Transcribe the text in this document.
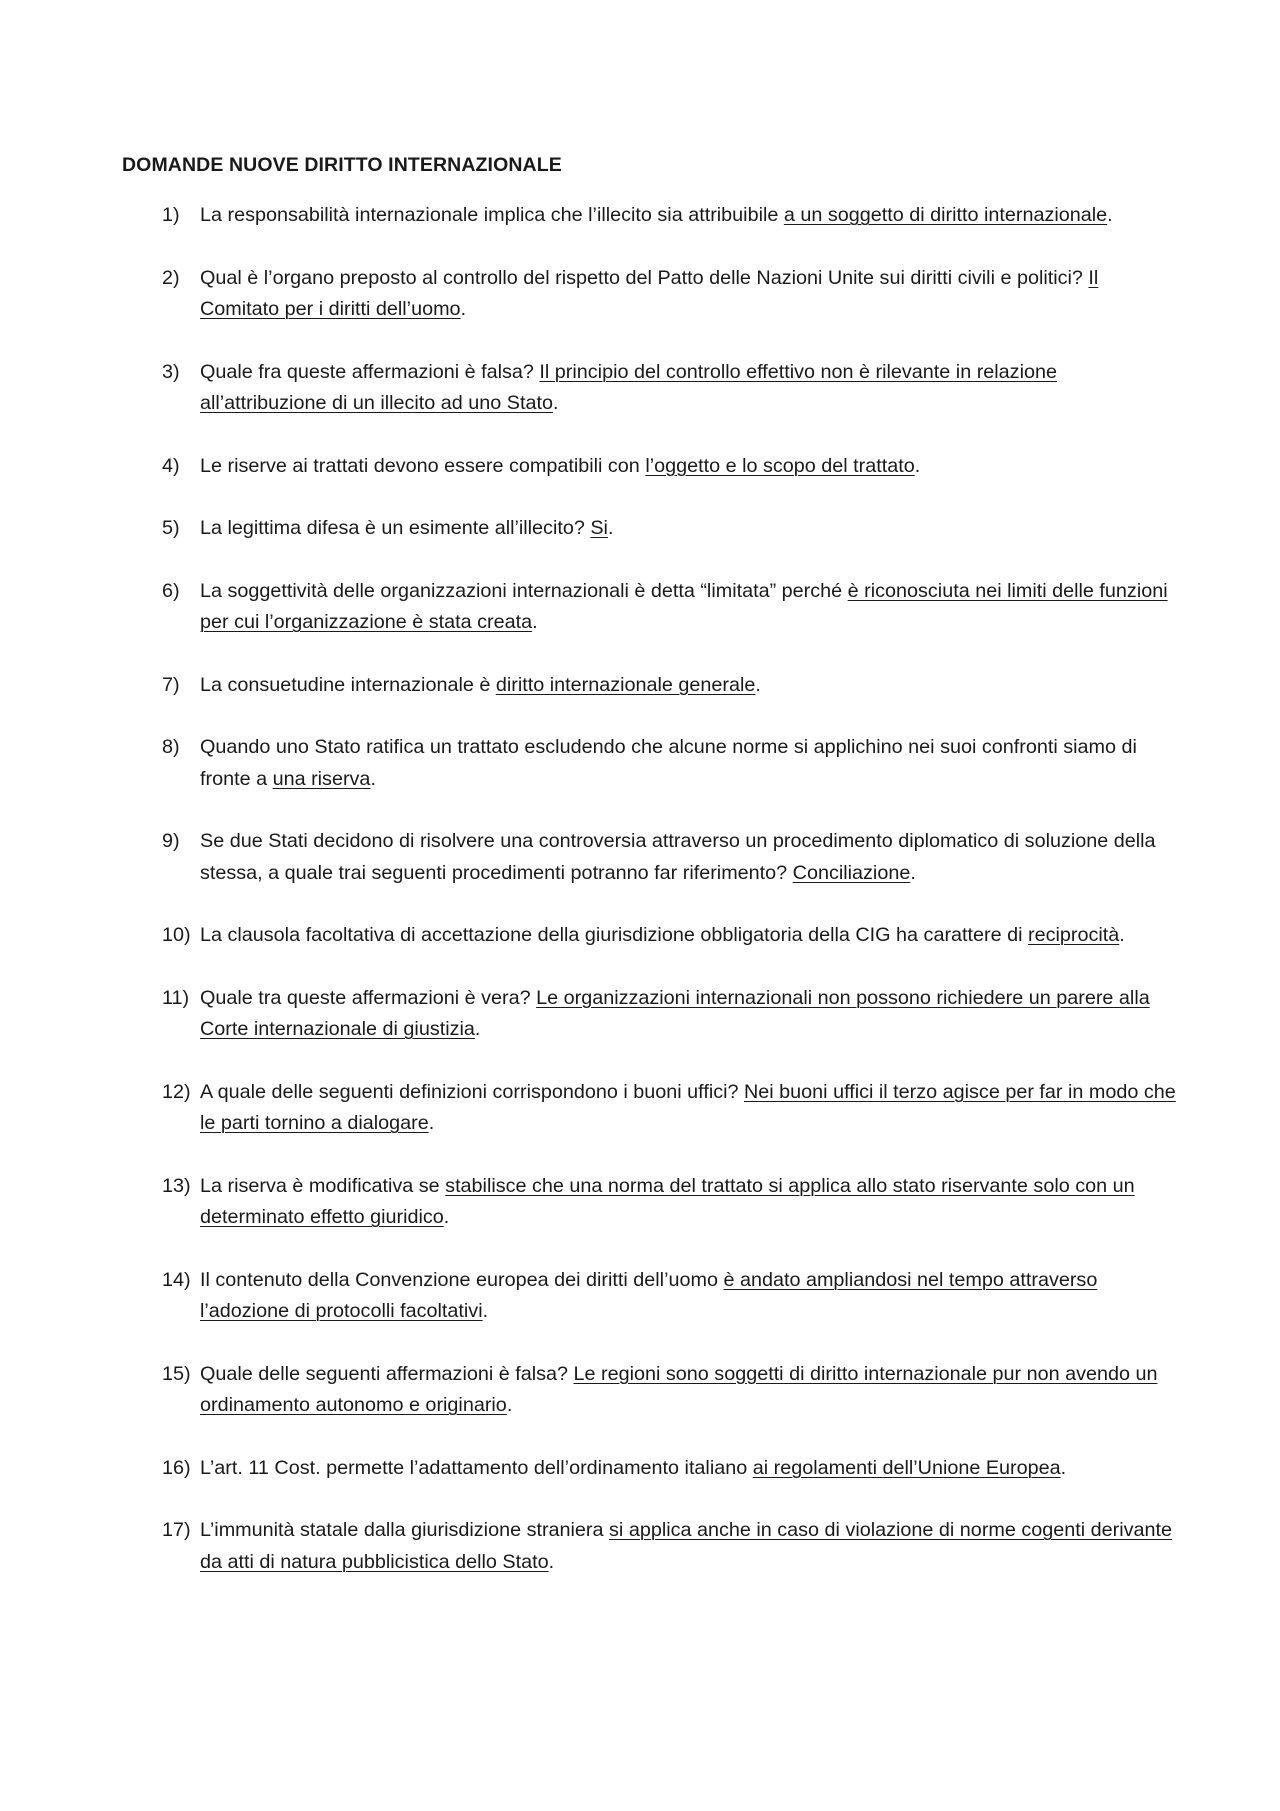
DOMANDE NUOVE DIRITTO INTERNAZIONALE
1) La responsabilità internazionale implica che l’illecito sia attribuibile a un soggetto di diritto internazionale.
2) Qual è l’organo preposto al controllo del rispetto del Patto delle Nazioni Unite sui diritti civili e politici? Il Comitato per i diritti dell’uomo.
3) Quale fra queste affermazioni è falsa? Il principio del controllo effettivo non è rilevante in relazione all’attribuzione di un illecito ad uno Stato.
4) Le riserve ai trattati devono essere compatibili con l’oggetto e lo scopo del trattato.
5) La legittima difesa è un esimente all’illecito? Si.
6) La soggettività delle organizzazioni internazionali è detta “limitata” perché è riconosciuta nei limiti delle funzioni per cui l’organizzazione è stata creata.
7) La consuetudine internazionale è diritto internazionale generale.
8) Quando uno Stato ratifica un trattato escludendo che alcune norme si applichino nei suoi confronti siamo di fronte a una riserva.
9) Se due Stati decidono di risolvere una controversia attraverso un procedimento diplomatico di soluzione della stessa, a quale trai seguenti procedimenti potranno far riferimento? Conciliazione.
10) La clausola facoltativa di accettazione della giurisdizione obbligatoria della CIG ha carattere di reciprocità.
11) Quale tra queste affermazioni è vera? Le organizzazioni internazionali non possono richiedere un parere alla Corte internazionale di giustizia.
12) A quale delle seguenti definizioni corrispondono i buoni uffici? Nei buoni uffici il terzo agisce per far in modo che le parti tornino a dialogare.
13) La riserva è modificativa se stabilisce che una norma del trattato si applica allo stato riservante solo con un determinato effetto giuridico.
14) Il contenuto della Convenzione europea dei diritti dell’uomo è andato ampliandosi nel tempo attraverso l’adozione di protocolli facoltativi.
15) Quale delle seguenti affermazioni è falsa? Le regioni sono soggetti di diritto internazionale pur non avendo un ordinamento autonomo e originario.
16) L’art. 11 Cost. permette l’adattamento dell’ordinamento italiano ai regolamenti dell’Unione Europea.
17) L’immunità statale dalla giurisdizione straniera si applica anche in caso di violazione di norme cogenti derivante da atti di natura pubblicistica dello Stato.
